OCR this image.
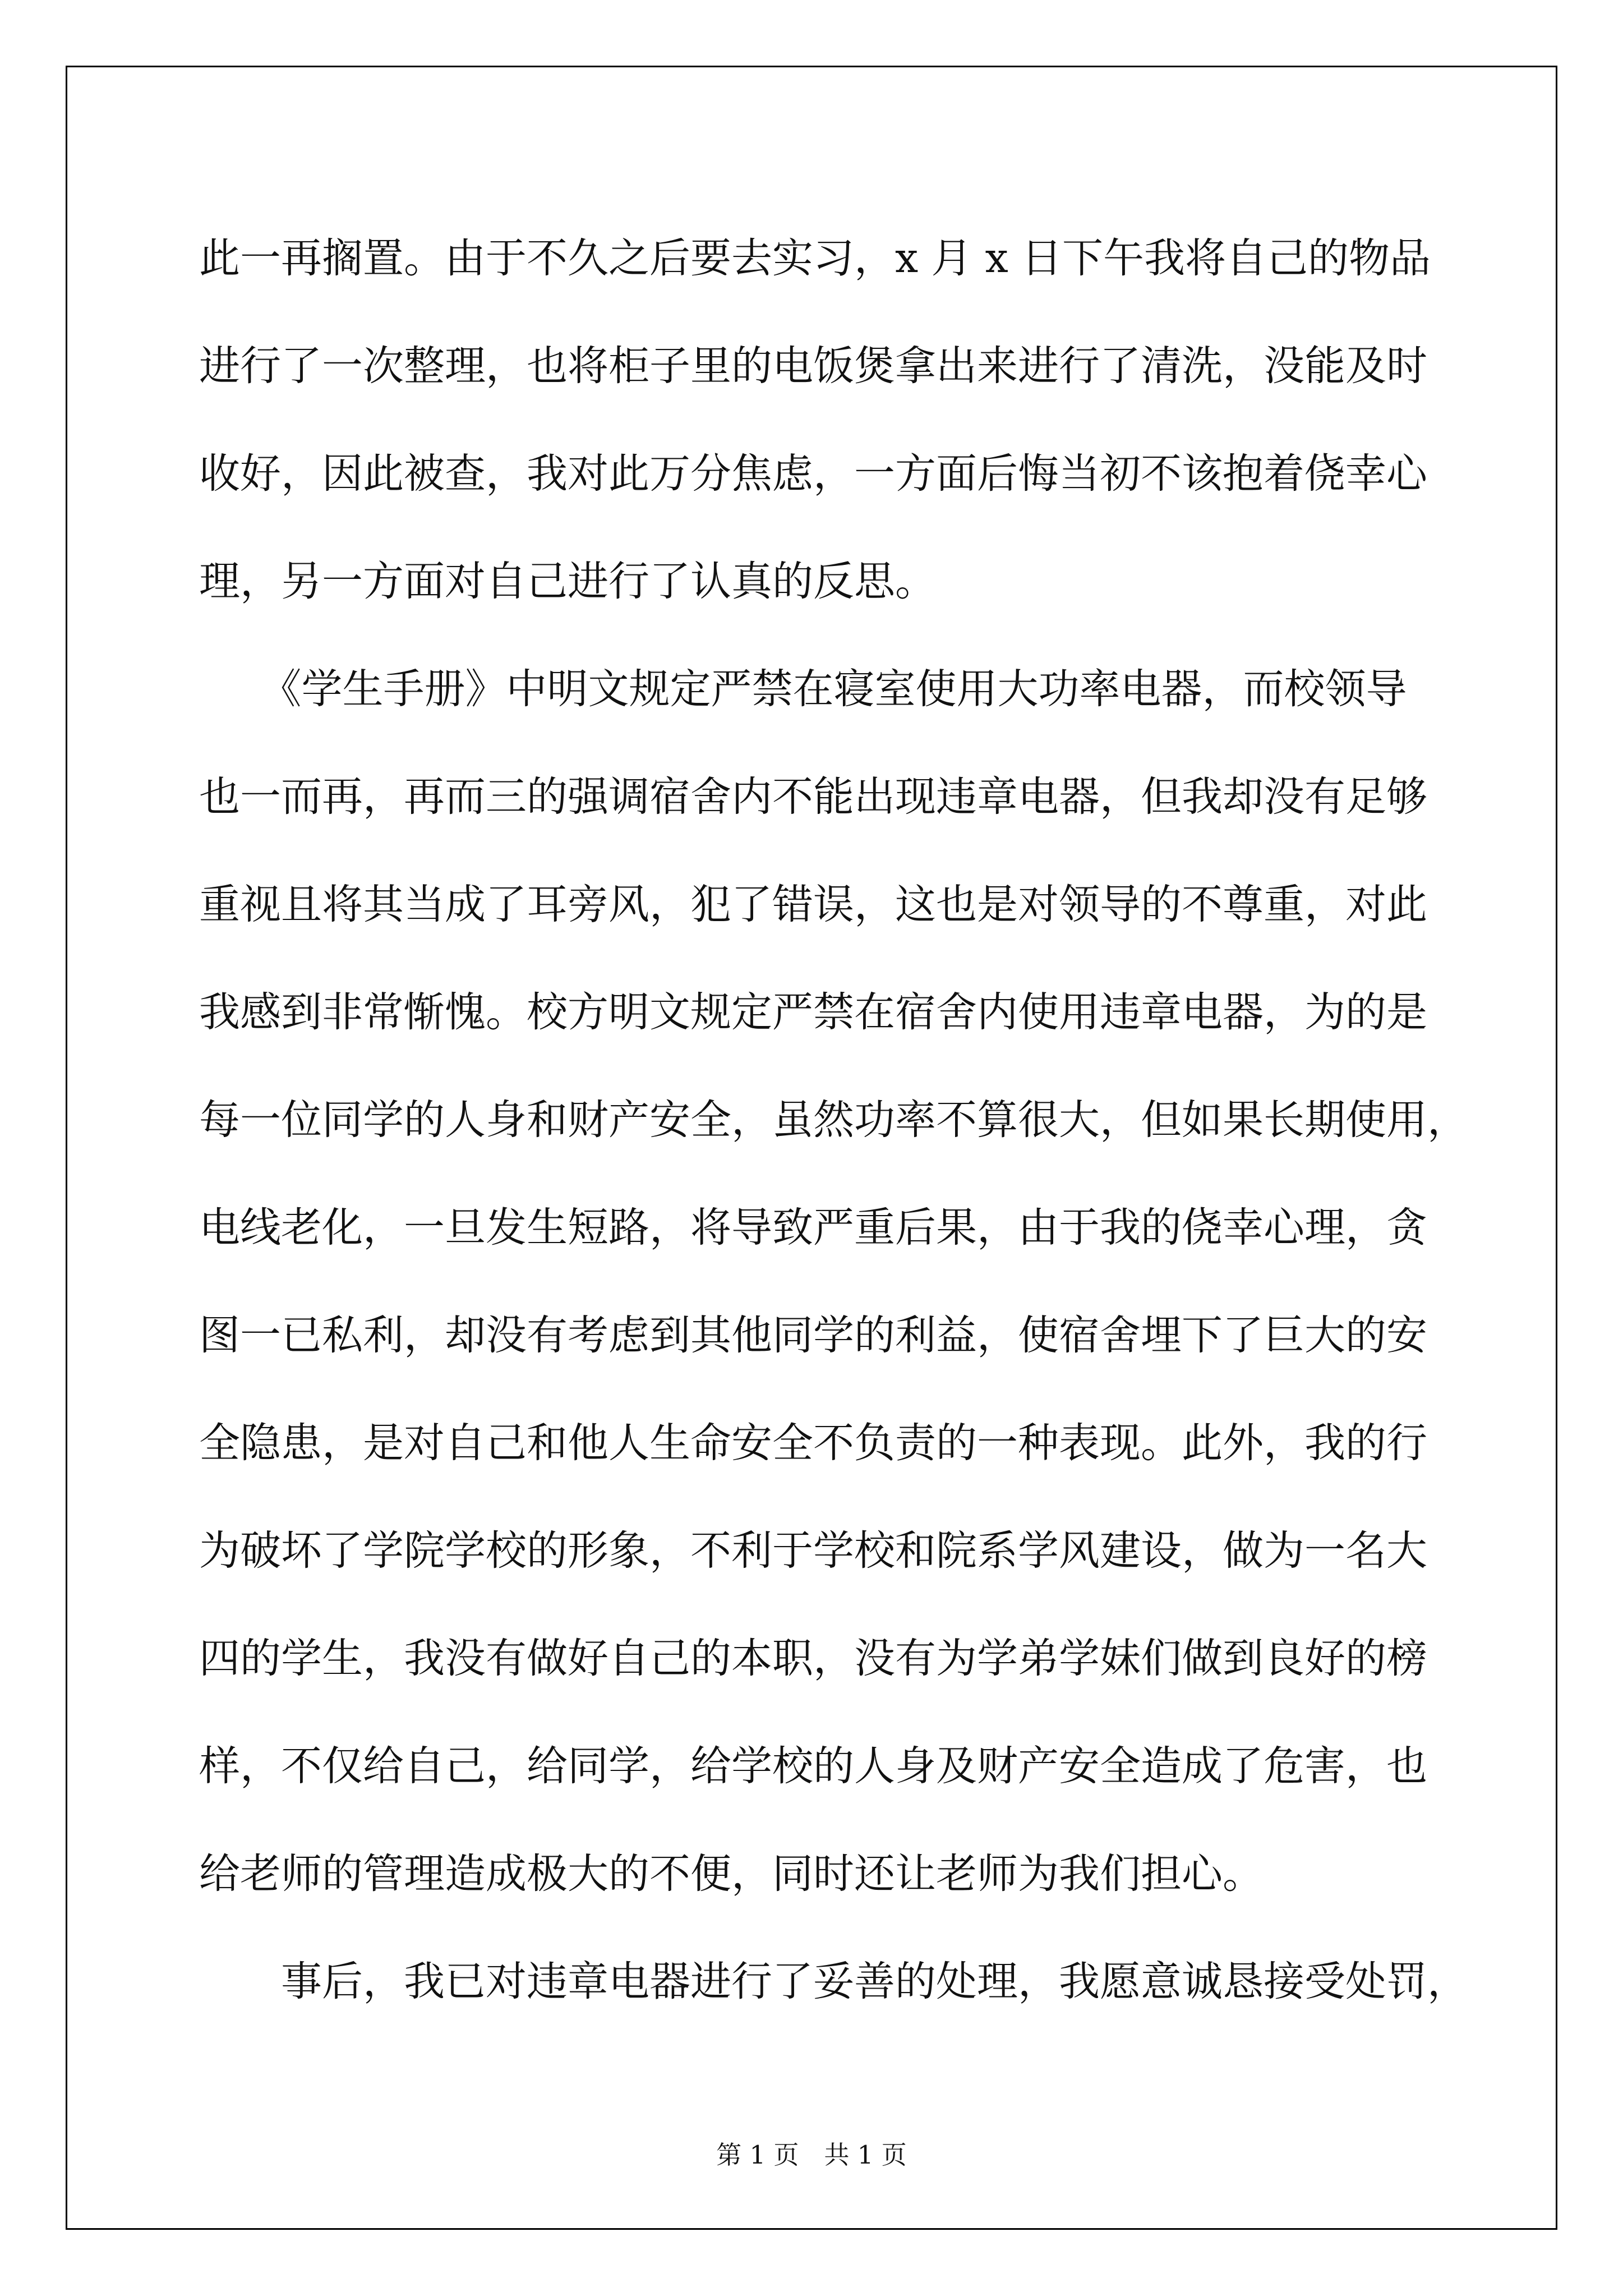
此一再搁置。由于不久之后要去实习，x 月 x 日下午我将自己的物品
进行了一次整理，也将柜子里的电饭煲拿出来进行了清洗，没能及时
收好，因此被查，我对此万分焦虑，一方面后悔当初不该抱着侥幸心
理，另一方面对自己进行了认真的反思。
　　《学生手册》中明文规定严禁在寝室使用大功率电器，而校领导
也一而再，再而三的强调宿舍内不能出现违章电器，但我却没有足够
重视且将其当成了耳旁风，犯了错误，这也是对领导的不尊重，对此
我感到非常惭愧。校方明文规定严禁在宿舍内使用违章电器，为的是
每一位同学的人身和财产安全，虽然功率不算很大，但如果长期使用，
电线老化，一旦发生短路，将导致严重后果，由于我的侥幸心理，贪
图一已私利，却没有考虑到其他同学的利益，使宿舍埋下了巨大的安
全隐患，是对自己和他人生命安全不负责的一种表现。此外，我的行
为破坏了学院学校的形象，不利于学校和院系学风建设，做为一名大
四的学生，我没有做好自己的本职，没有为学弟学妹们做到良好的榜
样，不仅给自己，给同学，给学校的人身及财产安全造成了危害，也
给老师的管理造成极大的不便，同时还让老师为我们担心。
　　事后，我已对违章电器进行了妥善的处理，我愿意诚恳接受处罚，
第 1 页　共 1 页
